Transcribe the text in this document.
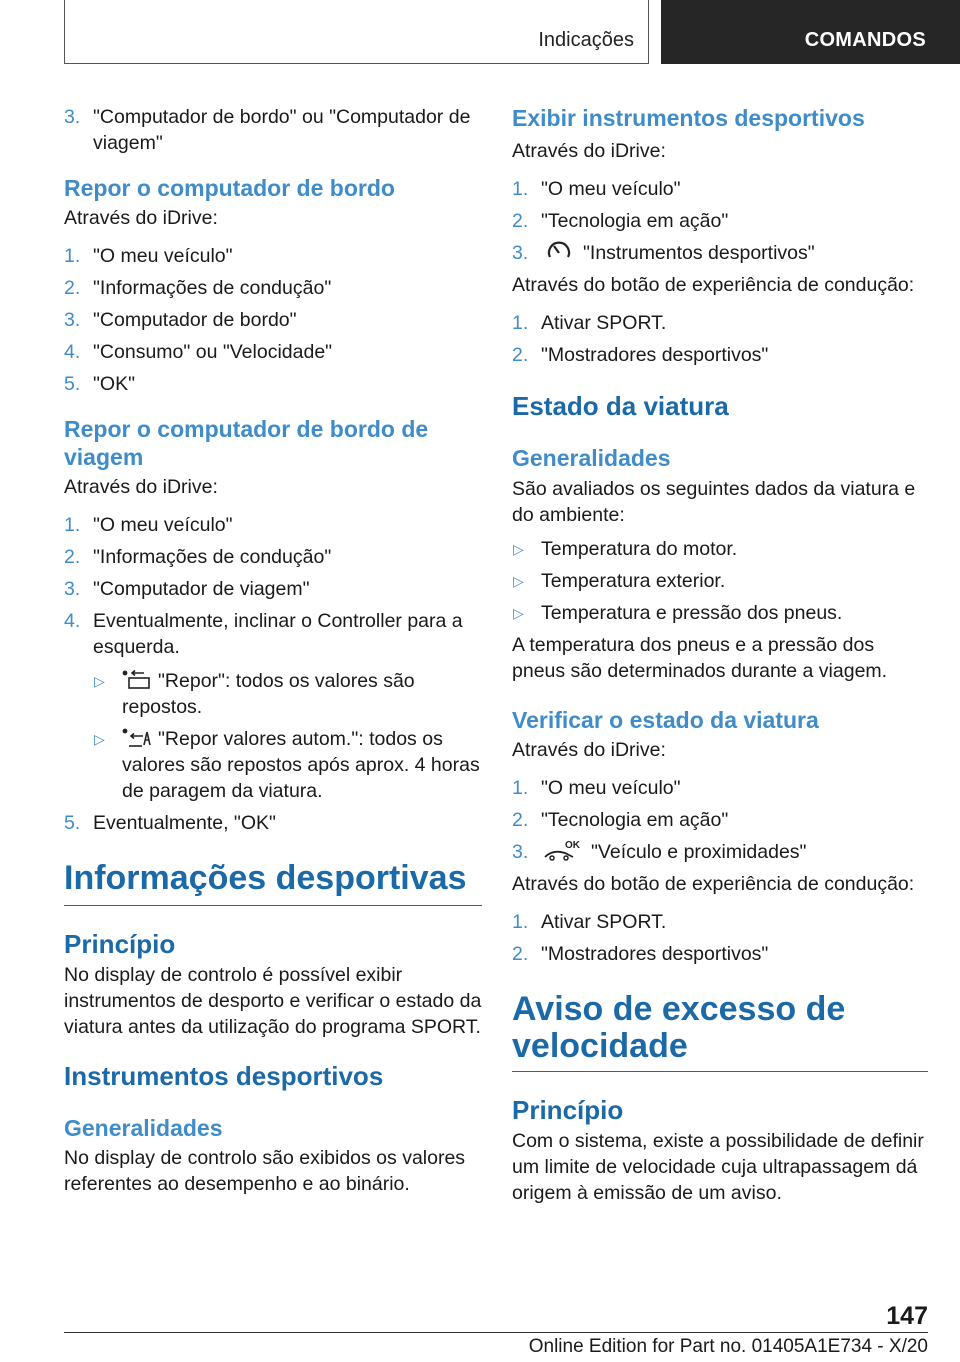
Indicações	COMANDOS
3. "Computador de bordo" ou "Computador de viagem"
Repor o computador de bordo

Através do iDrive:

1. "O meu veículo"
2. "Informações de condução"
3. "Computador de bordo"
4. "Consumo" ou "Velocidade"
5. "OK"
Repor o computador de bordo de viagem

Através do iDrive:

1. "O meu veículo"
2. "Informações de condução"
3. "Computador de viagem"
4. Eventualmente, inclinar o Controller para a esquerda.
▷	"Repor": todos os valores são repostos.
▷	"Repor valores autom.": todos os valores são repostos após aprox. 4 horas de paragem da viatura.
5. Eventualmente, "OK"
Informações desportivas
Princípio

No display de controlo é possível exibir instrumentos de desporto e verificar o estado da viatura antes da utilização do programa SPORT.

Instrumentos desportivos
Generalidades

No display de controlo são exibidos os valores referentes ao desempenho e ao binário.

Exibir instrumentos desportivos

Através do iDrive:

1. "O meu veículo"
2. "Tecnologia em ação"
3.	"Instrumentos desportivos"

Através do botão de experiência de condução:

1. Ativar SPORT.
2. "Mostradores desportivos"
Estado da viatura
Generalidades

São avaliados os seguintes dados da viatura e do ambiente:

▷ Temperatura do motor.
▷ Temperatura exterior.
▷ Temperatura e pressão dos pneus.

A temperatura dos pneus e a pressão dos pneus são determinados durante a viagem.

Verificar o estado da viatura

Através do iDrive:

1. "O meu veículo"
2. "Tecnologia em ação"
3.	OK "Veículo e proximidades"

Através do botão de experiência de condução:

1. Ativar SPORT.
2. "Mostradores desportivos"
Aviso de excesso de velocidade
Princípio

Com o sistema, existe a possibilidade de definir um limite de velocidade cuja ultrapassagem dá origem à emissão de um aviso.

147
Online Edition for Part no. 01405A1E734 - X/20
